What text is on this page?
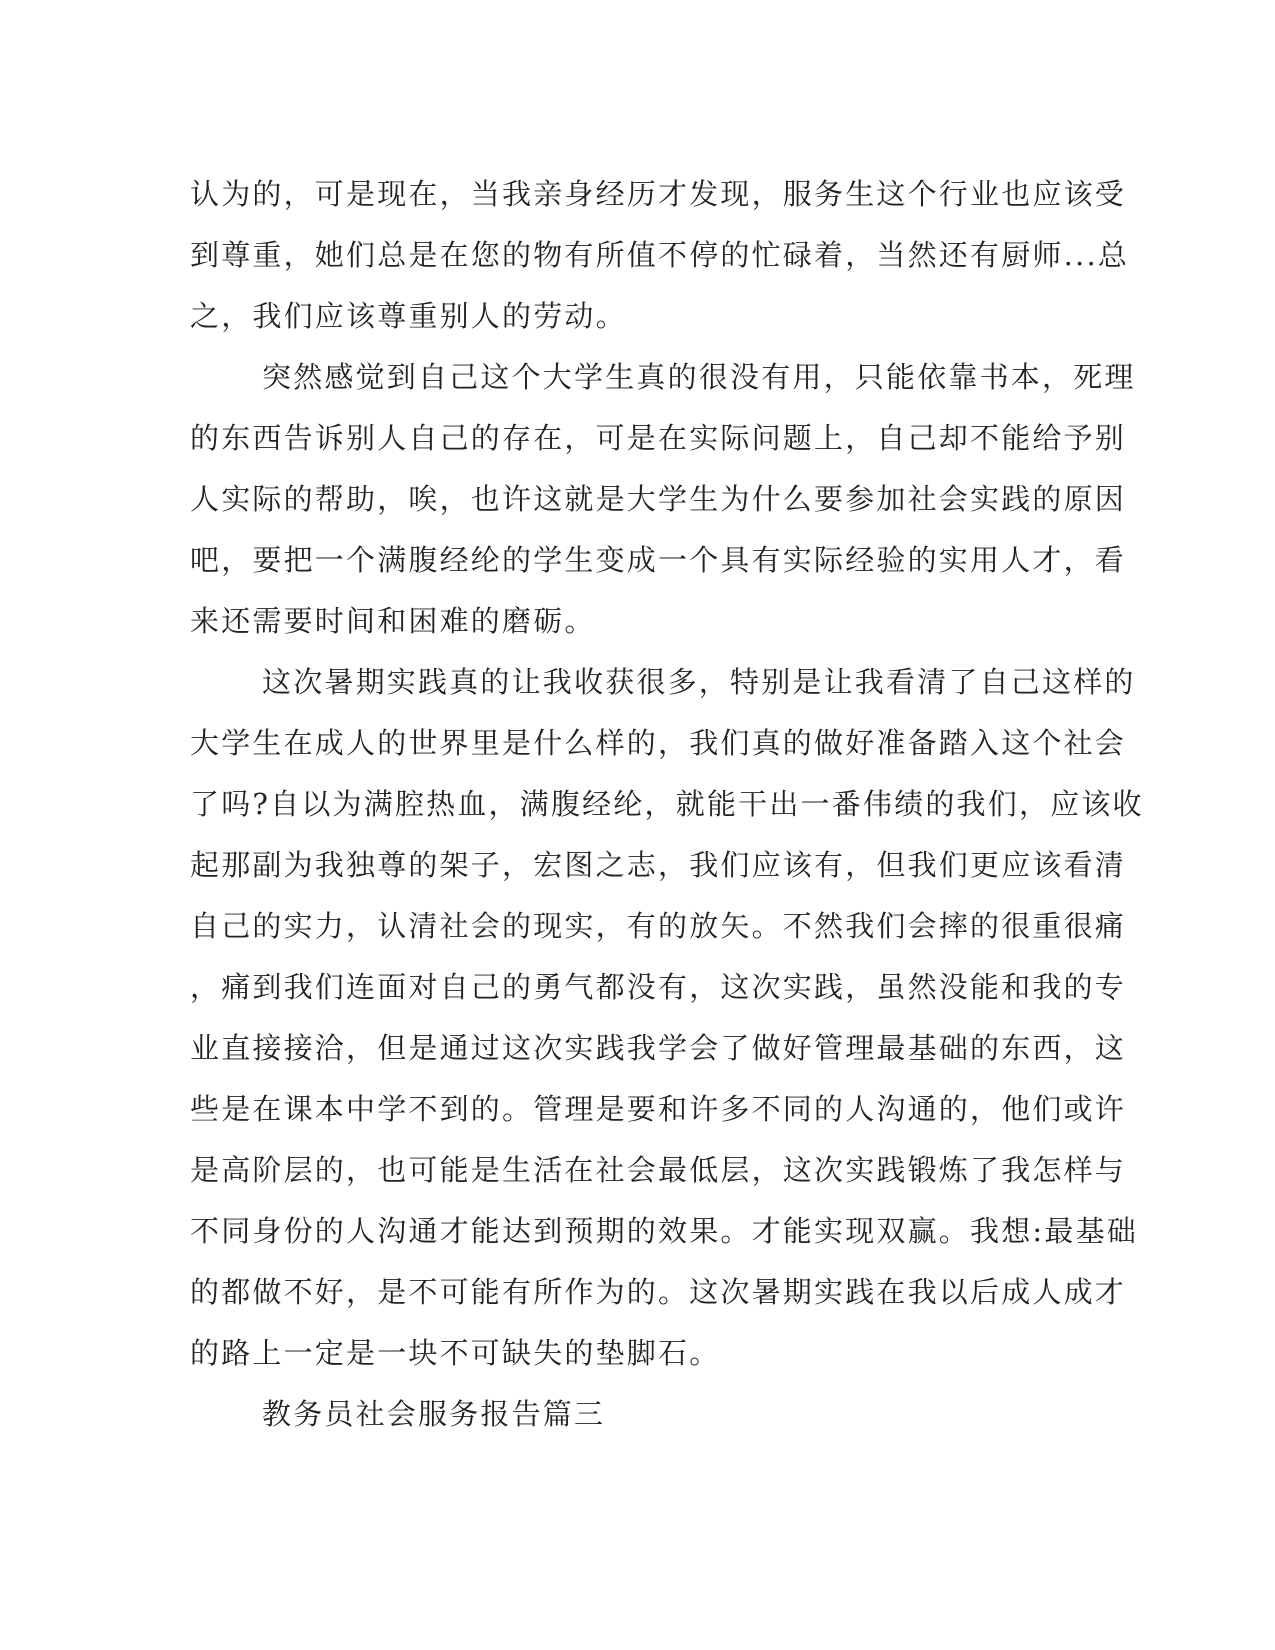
认为的，可是现在，当我亲身经历才发现，服务生这个行业也应该受
到尊重，她们总是在您的物有所值不停的忙碌着，当然还有厨师...总
之，我们应该尊重别人的劳动。
突然感觉到自己这个大学生真的很没有用，只能依靠书本，死理
的东西告诉别人自己的存在，可是在实际问题上，自己却不能给予别
人实际的帮助，唉，也许这就是大学生为什么要参加社会实践的原因
吧，要把一个满腹经纶的学生变成一个具有实际经验的实用人才，看
来还需要时间和困难的磨砺。
这次暑期实践真的让我收获很多，特别是让我看清了自己这样的
大学生在成人的世界里是什么样的，我们真的做好准备踏入这个社会
了吗?自以为满腔热血，满腹经纶，就能干出一番伟绩的我们，应该收
起那副为我独尊的架子，宏图之志，我们应该有，但我们更应该看清
自己的实力，认清社会的现实，有的放矢。不然我们会摔的很重很痛
，痛到我们连面对自己的勇气都没有，这次实践，虽然没能和我的专
业直接接洽，但是通过这次实践我学会了做好管理最基础的东西，这
些是在课本中学不到的。管理是要和许多不同的人沟通的，他们或许
是高阶层的，也可能是生活在社会最低层，这次实践锻炼了我怎样与
不同身份的人沟通才能达到预期的效果。才能实现双赢。我想:最基础
的都做不好，是不可能有所作为的。这次暑期实践在我以后成人成才
的路上一定是一块不可缺失的垫脚石。
教务员社会服务报告篇三
